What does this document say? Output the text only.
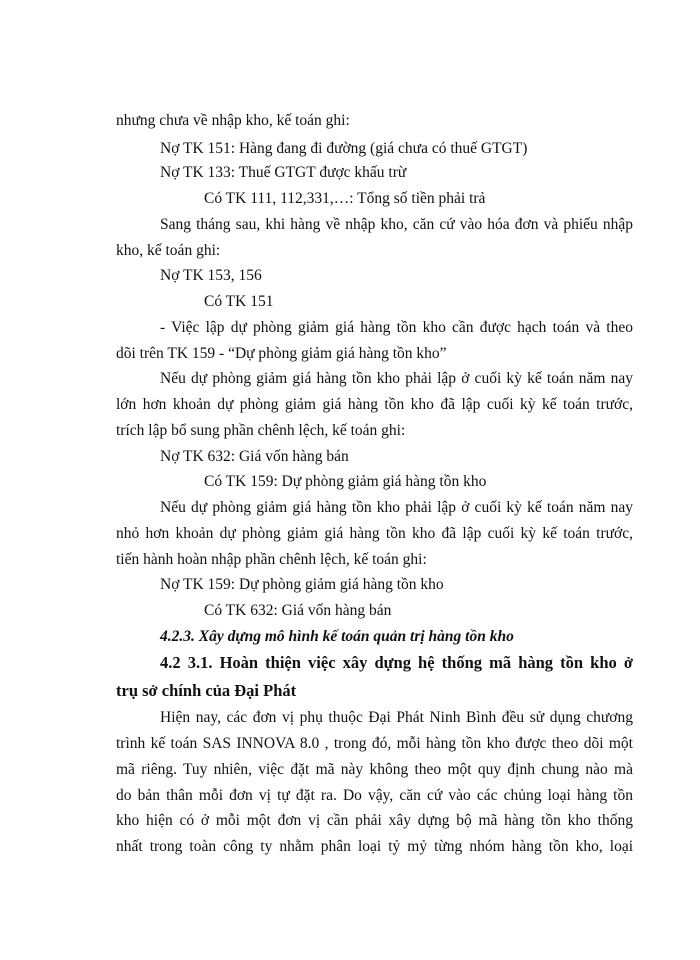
nhưng chưa về nhập kho, kế toán ghi:
Nợ TK 151: Hàng đang đi đường (giá chưa có thuế GTGT)
Nợ TK 133: Thuế GTGT được khấu trừ
Có TK 111, 112,331,…: Tổng số tiền phải trả
Sang tháng sau, khi hàng về nhập kho, căn cứ vào hóa đơn và phiếu nhập
kho, kế toán ghi:
Nợ TK 153, 156
Có TK 151
- Việc lập dự phòng giảm giá hàng tồn kho cần được hạch toán và theo
dõi trên TK 159 - “Dự phòng giảm giá hàng tồn kho”
Nếu dự phòng giảm giá hàng tồn kho phải lập ở cuối kỳ kế toán năm nay
lớn hơn khoản dự phòng giảm giá hàng tồn kho đã lập cuối kỳ kế toán trước,
trích lập bổ sung phần chênh lệch, kế toán ghi:
Nợ TK 632: Giá vốn hàng bán
Có TK 159: Dự phòng giảm giá hàng tồn kho
Nếu dự phòng giảm giá hàng tồn kho phải lập ở cuối kỳ kế toán năm nay
nhỏ hơn khoản dự phòng giảm giá hàng tồn kho đã lập cuối kỳ kế toán trước,
tiến hành hoàn nhập phần chênh lệch, kế toán ghi:
Nợ TK 159: Dự phòng giảm giá hàng tồn kho
Có TK 632: Giá vốn hàng bán
4.2.3. Xây dựng mô hình kế toán quản trị hàng tồn kho
4.2 3.1. Hoàn thiện việc xây dựng hệ thống mã hàng tồn kho ở
trụ sở chính của Đại Phát
Hiện nay, các đơn vị phụ thuộc Đại Phát Ninh Bình đều sử dụng chương
trình kế toán SAS INNOVA 8.0 , trong đó, mỗi hàng tồn kho được theo dõi một
mã riêng. Tuy nhiên, việc đặt mã này không theo một quy định chung nào mà
do bản thân mỗi đơn vị tự đặt ra. Do vậy, căn cứ vào các chủng loại hàng tồn
kho hiện có ở mỗi một đơn vị cần phải xây dựng bộ mã hàng tồn kho thống
nhất trong toàn công ty nhằm phân loại tỷ mỷ từng nhóm hàng tồn kho, loại
